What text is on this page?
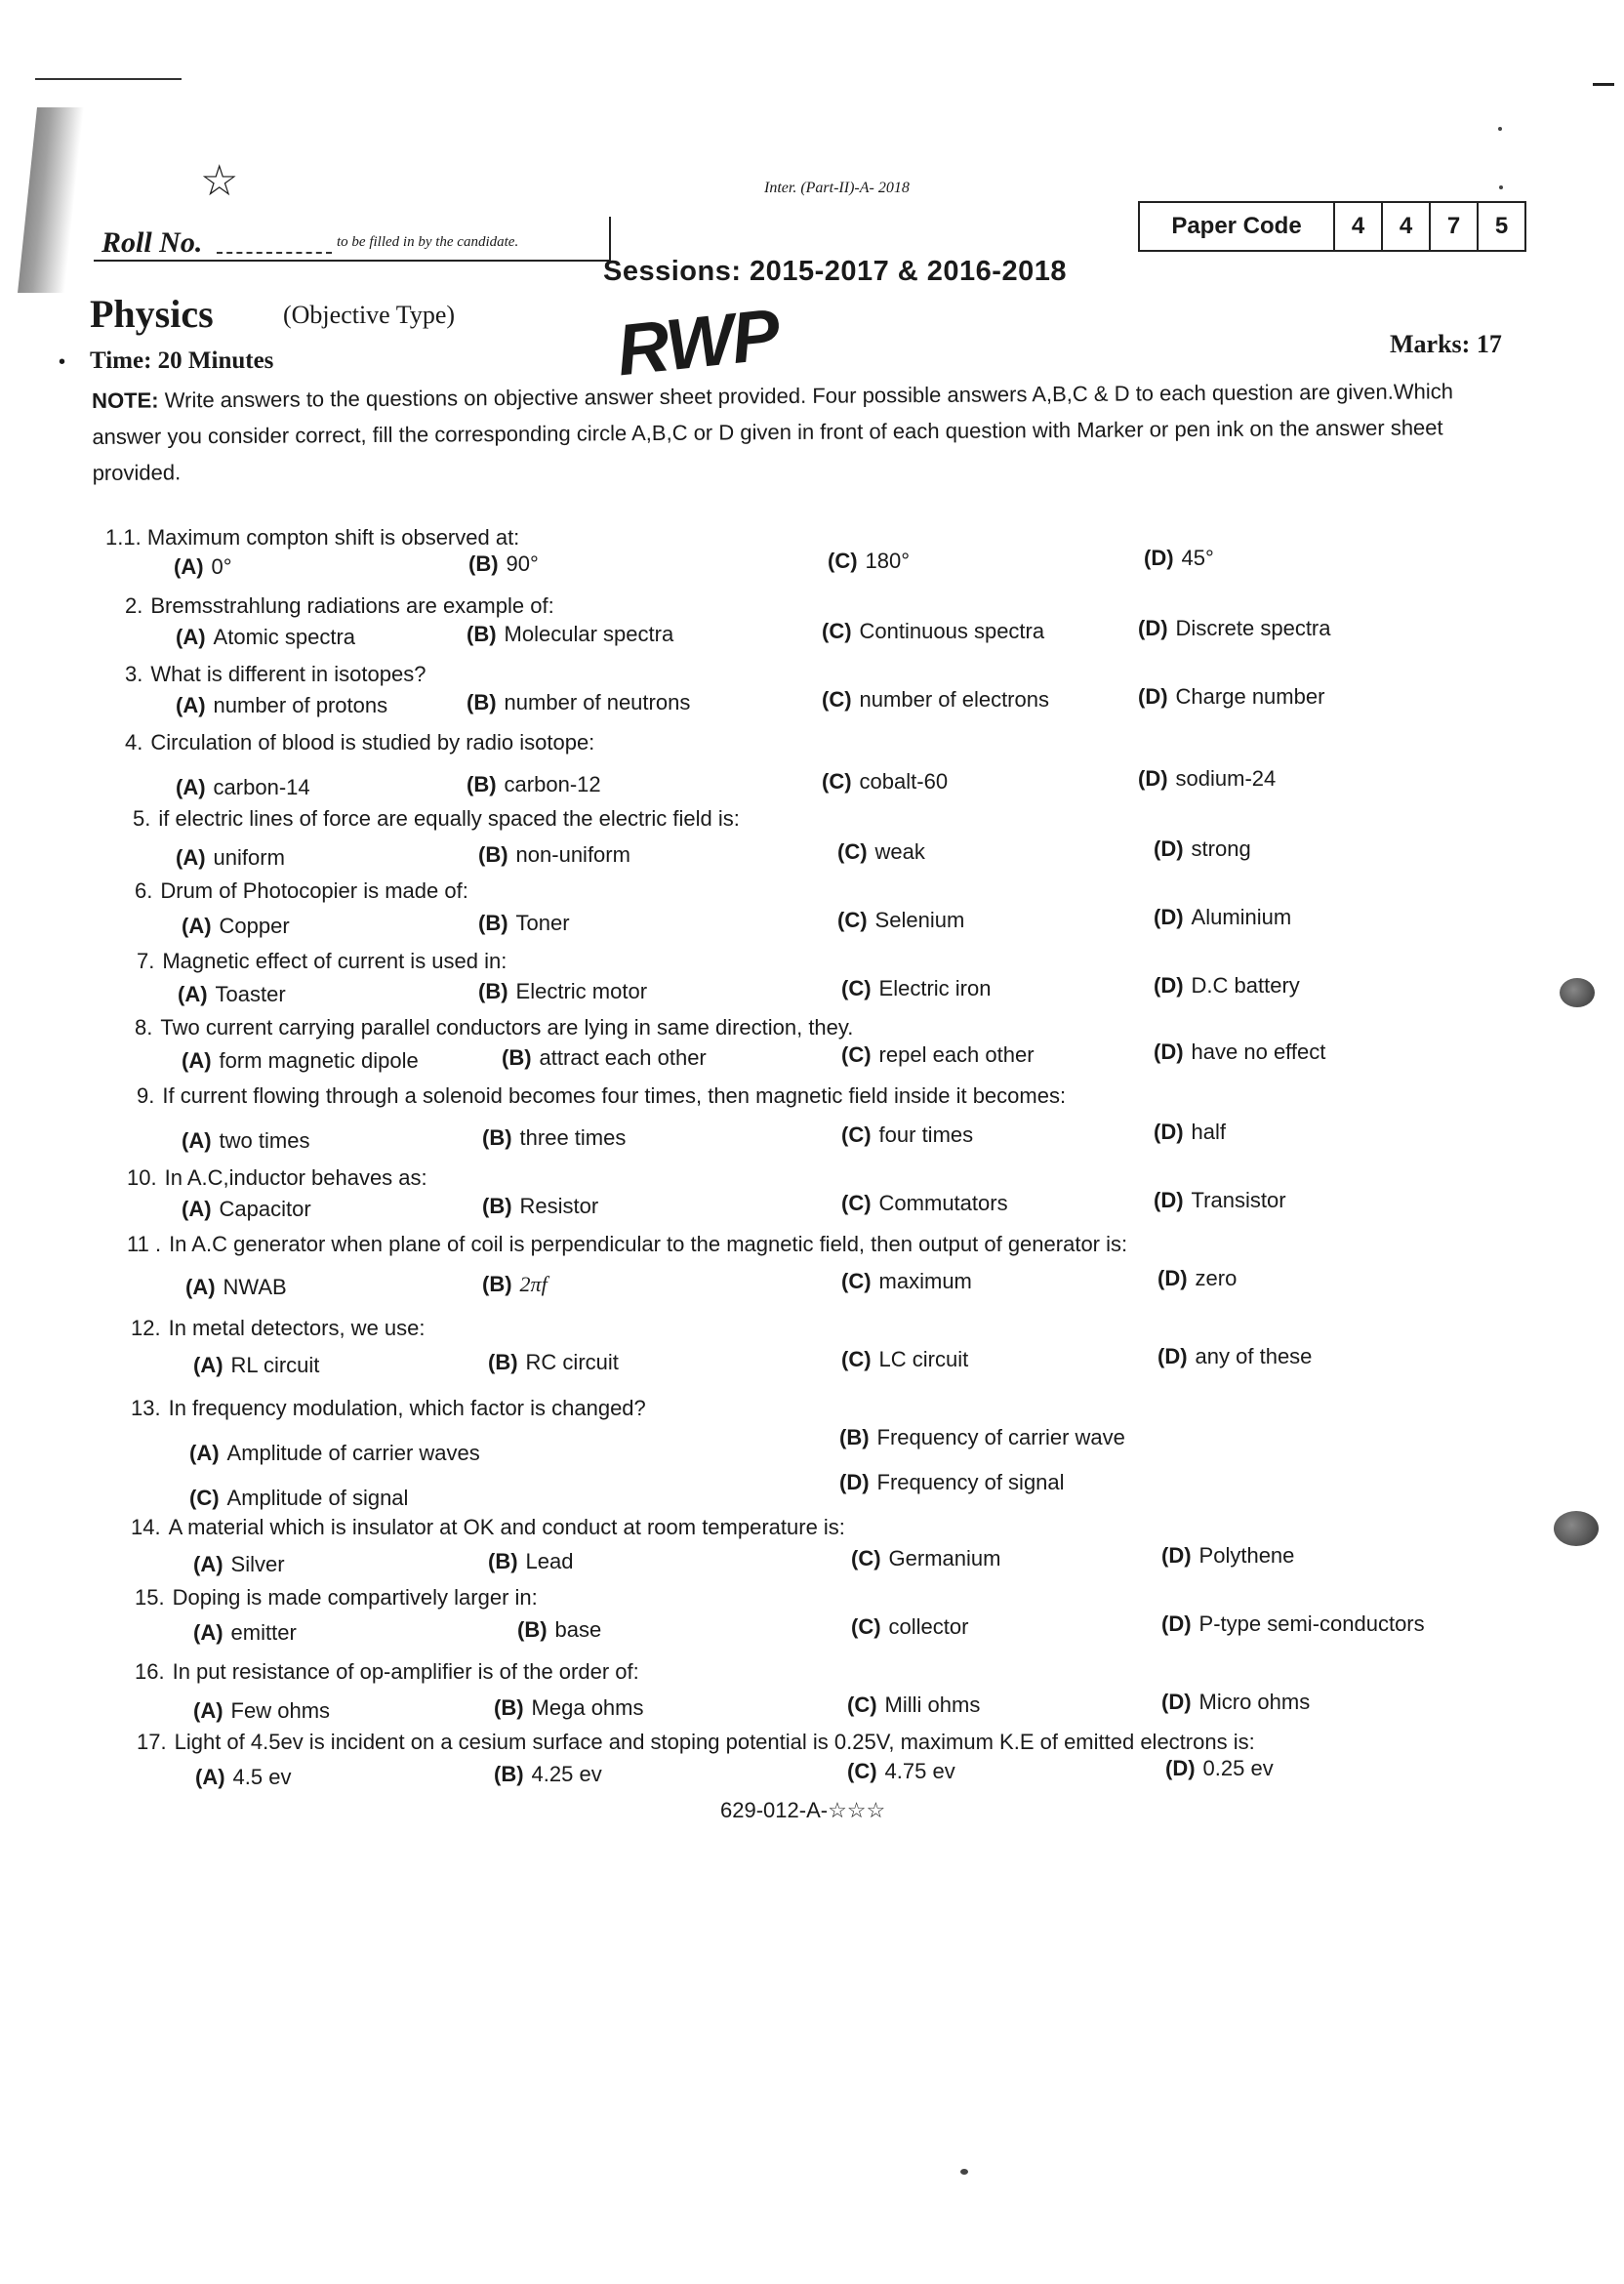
☆	Inter. (Part-II)-A- 2018
Roll No.	to be filled in by the candidate.
Paper Code	4	4	7	5
Sessions: 2015-2017 & 2016-2018
Physics	(Objective Type) RWP
• Time: 20 Minutes
Marks: 17
NOTE: Write answers to the questions on objective answer sheet provided. Four possible answers A,B,C & D to each question are given.Which answer you consider correct, fill the corresponding circle A,B,C or D given in front of each question with Marker or pen ink on the answer sheet provided.
1.1. Maximum compton shift is observed at:
(A) 0°	(B) 90°	(C) 180°	(D) 45°
2. Bremsstrahlung radiations are example of:
(A) Atomic spectra	(B) Molecular spectra	(C) Continuous spectra	(D) Discrete spectra
3. What is different in isotopes?
(A) number of protons	(B) number of neutrons	(C) number of electrons	(D) Charge number
4. Circulation of blood is studied by radio isotope:
(A) carbon-14	(B) carbon-12	(C) cobalt-60	(D) sodium-24
5. if electric lines of force are equally spaced the electric field is:
(A) uniform	(B) non-uniform	(C) weak	(D) strong
6. Drum of Photocopier is made of:
(A) Copper	(B) Toner	(C) Selenium	(D) Aluminium
7. Magnetic effect of current is used in:
(A) Toaster	(B) Electric motor	(C) Electric iron	(D) D.C battery
8. Two current carrying parallel conductors are lying in same direction, they.
(A) form magnetic dipole	(B) attract each other	(C) repel each other	(D) have no effect
9. If current flowing through a solenoid becomes four times, then magnetic field inside it becomes:
(A) two times	(B) three times	(C) four times	(D) half
10. In A.C,inductor behaves as:
(A) Capacitor	(B) Resistor	(C) Commutators	(D) Transistor
11 . In A.C generator when plane of coil is perpendicular to the magnetic field, then output of generator is:
(A) NWAB	(B) 2πf	(C) maximum	(D) zero
12. In metal detectors, we use:
(A) RL circuit	(B) RC circuit	(C) LC circuit	(D) any of these
13. In frequency modulation, which factor is changed?
(A) Amplitude of carrier waves
(B) Frequency of carrier wave
(C) Amplitude of signal
(D) Frequency of signal
14. A material which is insulator at OK and conduct at room temperature is:
(A) Silver	(B) Lead	(C) Germanium	(D) Polythene
15. Doping is made compartively larger in:
(A) emitter	(B) base	(C) collector	(D) P-type semi-conductors
16. In put resistance of op-amplifier is of the order of:
(A) Few ohms	(B) Mega ohms	(C) Milli ohms	(D) Micro ohms
17. Light of 4.5ev is incident on a cesium surface and stoping potential is 0.25V, maximum K.E of emitted electrons is:
(A) 4.5 ev	(B) 4.25 ev	(C) 4.75 ev	(D) 0.25 ev
629-012-A-☆☆☆
